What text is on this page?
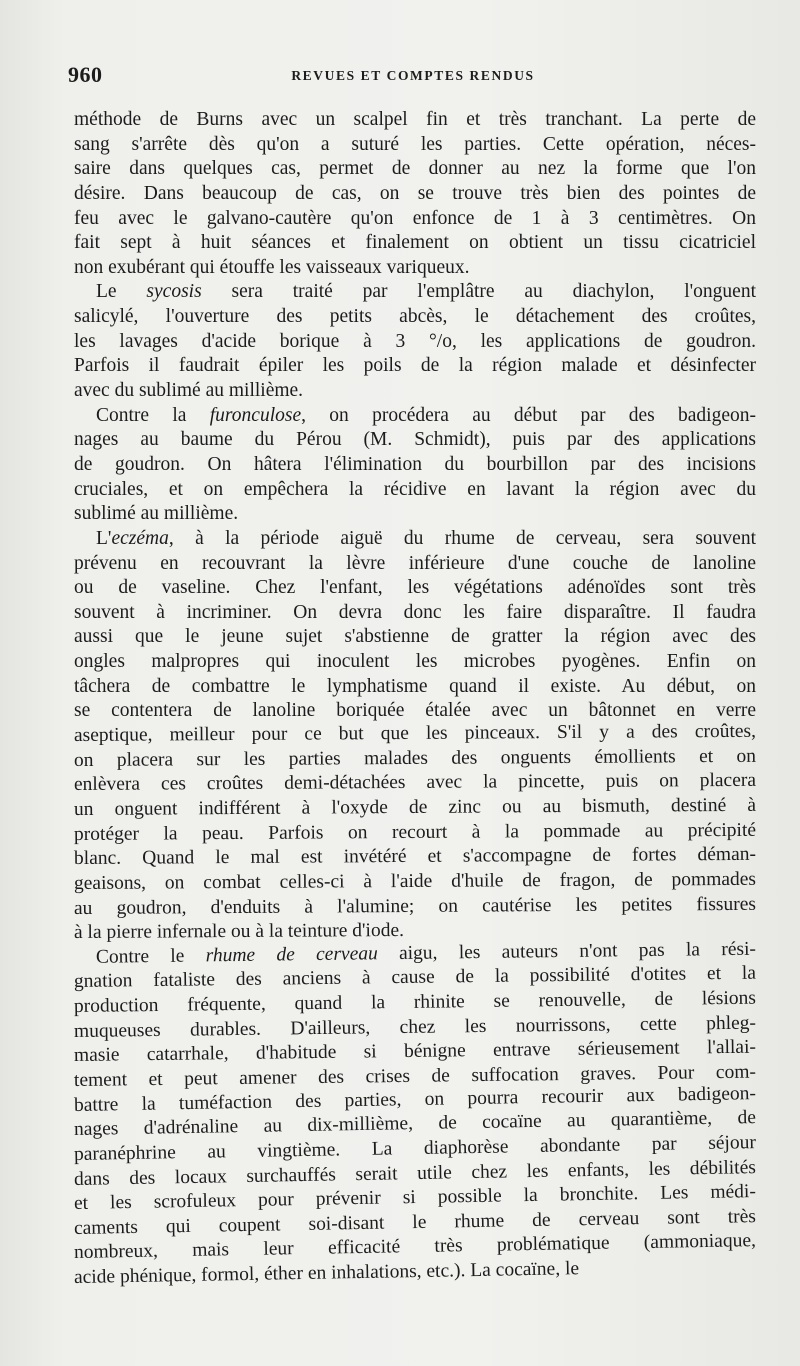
960	REVUES ET COMPTES RENDUS
méthode de Burns avec un scalpel fin et très tranchant. La perte de
sang s'arrête dès qu'on a suturé les parties. Cette opération, néces-
saire dans quelques cas, permet de donner au nez la forme que l'on
désire. Dans beaucoup de cas, on se trouve très bien des pointes de
feu avec le galvano-cautère qu'on enfonce de 1 à 3 centimètres. On
fait sept à huit séances et finalement on obtient un tissu cicatriciel
non exubérant qui étouffe les vaisseaux variqueux.
Le sycosis sera traité par l'emplâtre au diachylon, l'onguent
salicylé, l'ouverture des petits abcès, le détachement des croûtes,
les lavages d'acide borique à 3 °/o, les applications de goudron.
Parfois il faudrait épiler les poils de la région malade et désinfecter
avec du sublimé au millième.
Contre la furonculose, on procédera au début par des badigeon-
nages au baume du Pérou (M. Schmidt), puis par des applications
de goudron. On hâtera l'élimination du bourbillon par des incisions
cruciales, et on empêchera la récidive en lavant la région avec du
sublimé au millième.
L'eczéma, à la période aiguë du rhume de cerveau, sera souvent
prévenu en recouvrant la lèvre inférieure d'une couche de lanoline
ou de vaseline. Chez l'enfant, les végétations adénoïdes sont très
souvent à incriminer. On devra donc les faire disparaître. Il faudra
aussi que le jeune sujet s'abstienne de gratter la région avec des
ongles malpropres qui inoculent les microbes pyogènes. Enfin on
tâchera de combattre le lymphatisme quand il existe. Au début, on
se contentera de lanoline boriquée étalée avec un bâtonnet en verre
aseptique, meilleur pour ce but que les pinceaux. S'il y a des croûtes,
on placera sur les parties malades des onguents émollients et on
enlèvera ces croûtes demi-détachées avec la pincette, puis on placera
un onguent indifférent à l'oxyde de zinc ou au bismuth, destiné à
protéger la peau. Parfois on recourt à la pommade au précipité
blanc. Quand le mal est invétéré et s'accompagne de fortes déman-
geaisons, on combat celles-ci à l'aide d'huile de fragon, de pommades
au goudron, d'enduits à l'alumine; on cautérise les petites fissures
à la pierre infernale ou à la teinture d'iode.
Contre le rhume de cerveau aigu, les auteurs n'ont pas la rési-
gnation fataliste des anciens à cause de la possibilité d'otites et la
production fréquente, quand la rhinite se renouvelle, de lésions
muqueuses durables. D'ailleurs, chez les nourrissons, cette phleg-
masie catarrhale, d'habitude si bénigne entrave sérieusement l'allai-
tement et peut amener des crises de suffocation graves. Pour com-
battre la tuméfaction des parties, on pourra recourir aux badigeon-
nages d'adrénaline au dix-millième, de cocaïne au quarantième, de
paranéphrine au vingtième. La diaphorèse abondante par séjour
dans des locaux surchauffés serait utile chez les enfants, les débilités
et les scrofuleux pour prévenir si possible la bronchite. Les médi-
caments qui coupent soi-disant le rhume de cerveau sont très
nombreux, mais leur efficacité très problématique (ammoniaque,
acide phénique, formol, éther en inhalations, etc.). La cocaïne, le
